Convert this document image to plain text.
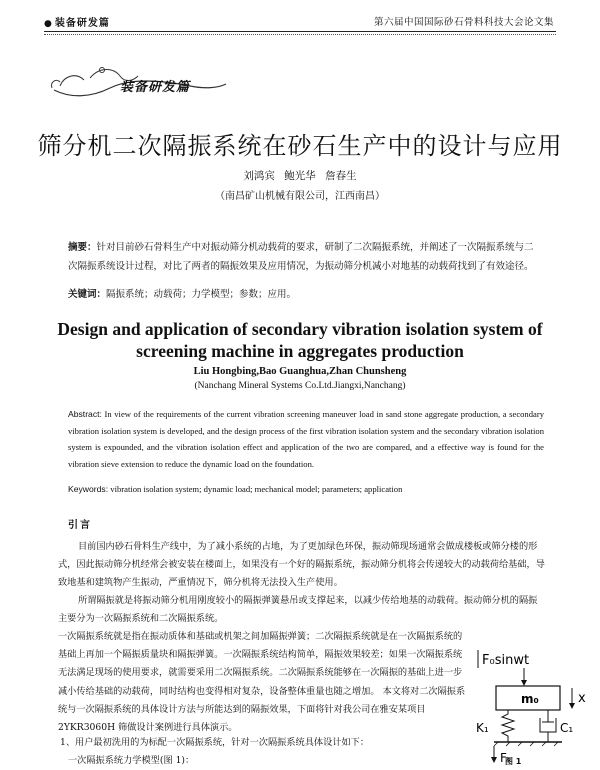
● 装备研发篇	第六届中国国际砂石骨料科技大会论文集
装备研发篇
筛分机二次隔振系统在砂石生产中的设计与应用
刘鸿宾 鲍光华 詹春生
（南昌矿山机械有限公司，江西南昌）

摘要：针对目前砂石骨料生产中对振动筛分机动载荷的要求，研制了二次隔振系统，并阐述了一次隔振系统与二次隔振系统设计过程，对比了两者的隔振效果及应用情况，为振动筛分机减小对地基的动载荷找到了有效途径。

关键词：隔振系统；动载荷；力学模型；参数；应用。

Design and application of secondary vibration isolation system of screening machine in aggregates production

Liu Hongbing,Bao Guanghua,Zhan Chunsheng
(Nanchang Mineral Systems Co.Ltd.Jiangxi,Nanchang)

Abstract: In view of the requirements of the current vibration screening maneuver load in sand stone aggregate production, a secondary vibration isolation system is developed, and the design process of the first vibration isolation system and the secondary vibration isolation system is expounded, and the vibration isolation effect and application of the two are compared, and a effective way is found for the vibration sieve extension to reduce the dynamic load on the foundation.

Keywords: vibration isolation system; dynamic load; mechanical model; parameters; application

引言

目前国内砂石骨料生产线中，为了减小系统的占地，为了更加绿色环保，振动筛现场通常会做成楼板或筛分楼的形式，因此振动筛分机经常会被安装在楼面上，如果没有一个好的隔振系统，振动筛分机将会传递较大的动载荷给基础，导致地基和建筑物产生振动，严重情况下，筛分机将无法投入生产使用。

所谓隔振就是将振动筛分机用刚度较小的隔振弹簧悬吊或支撑起来，以减少传给地基的动载荷。振动筛分机的隔振主要分为一次隔振系统和二次隔振系统。

一次隔振系统就是指在振动质体和基础或机架之间加隔振弹簧；二次隔振系统就是在一次隔振系统的基础上再加一个隔振质量块和隔振弹簧。一次隔振系统结构简单，隔振效果较差；如果一次隔振系统无法满足现场的使用要求，就需要采用二次隔振系统。二次隔振系统能够在一次隔振的基础上进一步减小传给基础的动载荷，同时结构也变得相对复杂，设备整体重量也随之增加。 本文将对二次隔振系统与一次隔振系统的具体设计方法与所能达到的隔振效果，下面将针对我公司在雅安某项目 2YKR3060H 筛做设计案例进行具体演示。

1、用户最初洗用的为标配一次隔振系统，针对一次隔振系统具体设计如下：
一次隔振系统力学模型(图 1)：
F₀sinwt
m₀	x
K₁	C₁
Fₜ
图 1
